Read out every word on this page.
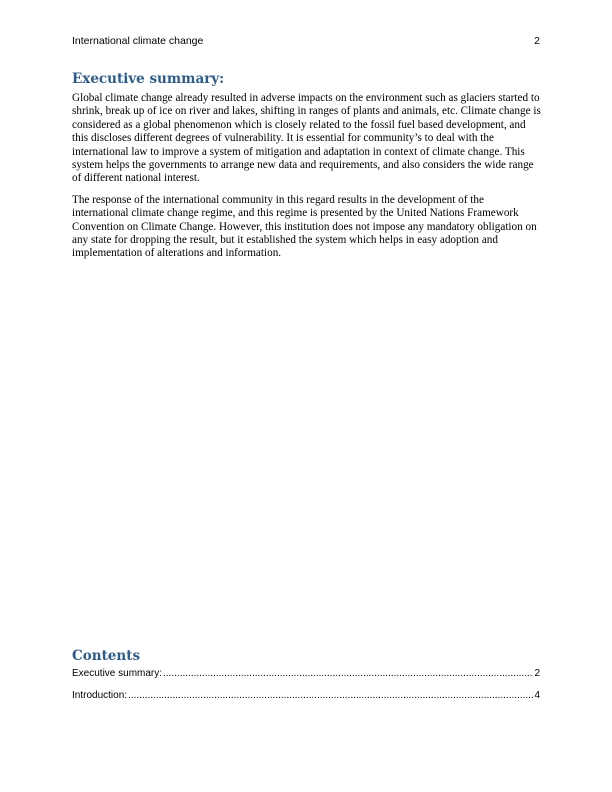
International climate change	2
Executive summary:

Global climate change already resulted in adverse impacts on the environment such as glaciers started to shrink, break up of ice on river and lakes, shifting in ranges of plants and animals, etc. Climate change is considered as a global phenomenon which is closely related to the fossil fuel based development, and this discloses different degrees of vulnerability. It is essential for community’s to deal with the international law to improve a system of mitigation and adaptation in context of climate change. This system helps the governments to arrange new data and requirements, and also considers the wide range of different national interest.

The response of the international community in this regard results in the development of the international climate change regime, and this regime is presented by the United Nations Framework Convention on Climate Change. However, this institution does not impose any mandatory obligation on any state for dropping the result, but it established the system which helps in easy adoption and implementation of alterations and information.

Contents
Executive summary: .....	2
Introduction: .....	4
